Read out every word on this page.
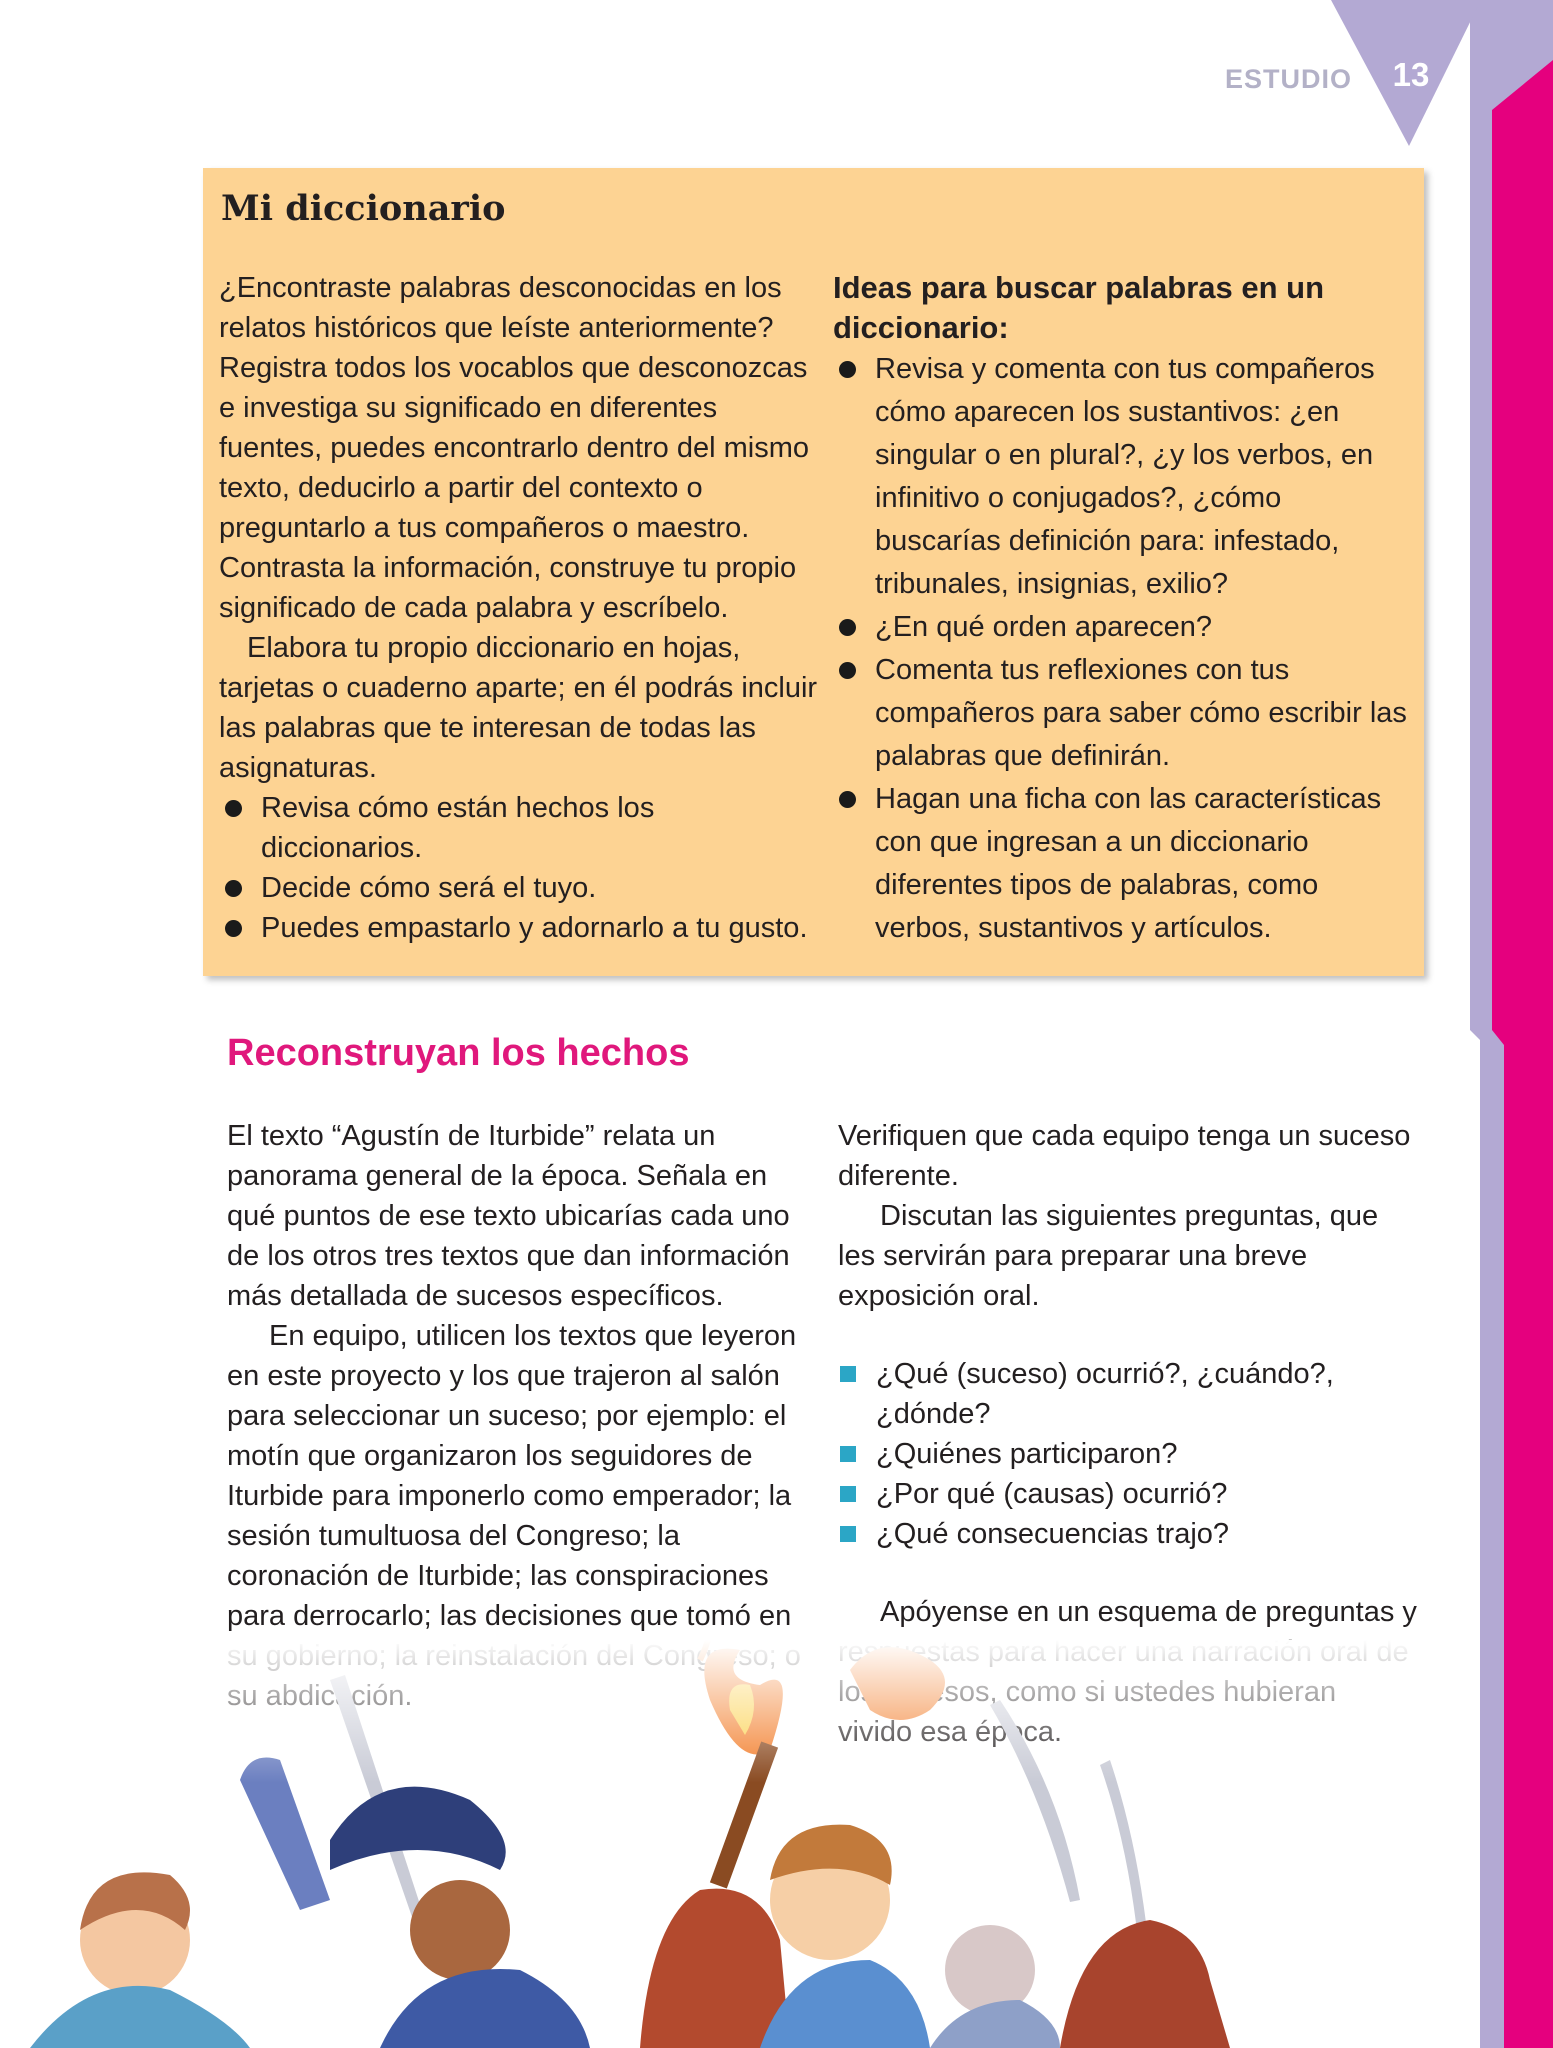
ESTUDIO 13
Mi diccionario

¿Encontraste palabras desconocidas en los relatos históricos que leíste anteriormente? Registra todos los vocablos que desconozcas e investiga su significado en diferentes fuentes, puedes encontrarlo dentro del mismo texto, deducirlo a partir del contexto o preguntarlo a tus compañeros o maestro. Contrasta la información, construye tu propio significado de cada palabra y escríbelo.

Elabora tu propio diccionario en hojas, tarjetas o cuaderno aparte; en él podrás incluir las palabras que te interesan de todas las asignaturas.

Revisa cómo están hechos los diccionarios.
Decide cómo será el tuyo.
Puedes empastarlo y adornarlo a tu gusto.
Ideas para buscar palabras en un diccionario:
Revisa y comenta con tus compañeros cómo aparecen los sustantivos: ¿en singular o en plural?, ¿y los verbos, en infinitivo o conjugados?, ¿cómo buscarías definición para: infestado, tribunales, insignias, exilio?
¿En qué orden aparecen?
Comenta tus reflexiones con tus compañeros para saber cómo escribir las palabras que definirán.
Hagan una ficha con las características con que ingresan a un diccionario diferentes tipos de palabras, como verbos, sustantivos y artículos.
Reconstruyan los hechos

El texto “Agustín de Iturbide” relata un panorama general de la época. Señala en qué puntos de ese texto ubicarías cada uno de los otros tres textos que dan información más detallada de sucesos específicos.

En equipo, utilicen los textos que leyeron en este proyecto y los que trajeron al salón para seleccionar un suceso; por ejemplo: el motín que organizaron los seguidores de Iturbide para imponerlo como emperador; la sesión tumultuosa del Congreso; la coronación de Iturbide; las conspiraciones para derrocarlo; las decisiones que tomó en

Verifiquen que cada equipo tenga un suceso diferente.

Discutan las siguientes preguntas, que les servirán para preparar una breve exposición oral.

¿Qué (suceso) ocurrió?, ¿cuándo?, ¿dónde?
¿Quiénes participaron?
¿Por qué (causas) ocurrió?
¿Qué consecuencias trajo?

Apóyense en un esquema de preguntas y
